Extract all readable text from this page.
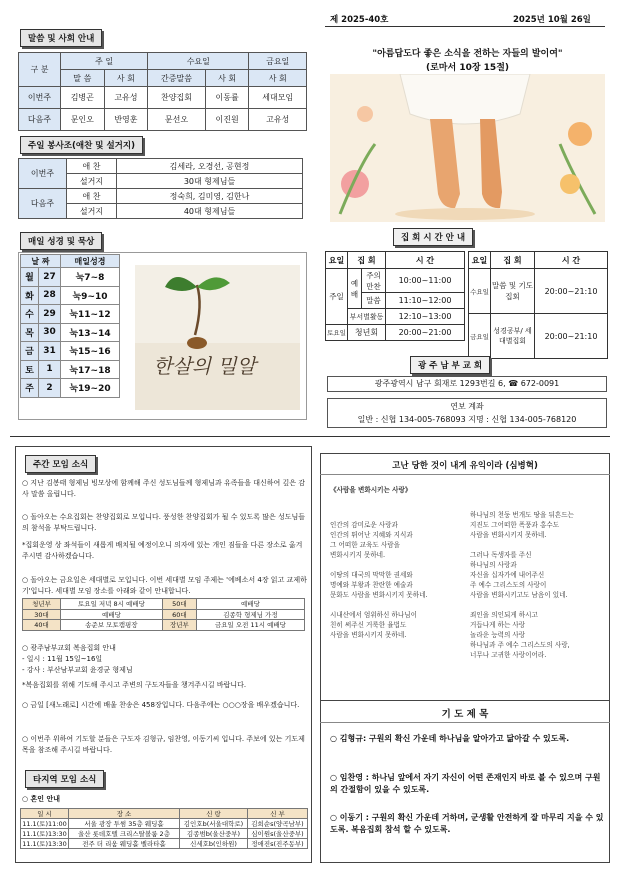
제 2025-40호	2025년 10월 26일
말씀 및 사회 안내
구 분	주 일		수요일		금요일
	말 씀	사 회	간증말씀	사 회	사 회
이번주	김병곤	고유성	찬양집회	이동률	세대모임
다음주	문인오	반영훈	문선오	이진원	고유성
주일 봉사조(애찬 및 설거지)
이번주	애 찬	김세라, 오경선, 공현정
	설거지	30대 형제님들
다음주	애 찬	정숙희, 김미영, 김한나
	설거지	40대 형제님들
매일 성경 및 묵상
날 짜		매일성경
월	27	눅7~8
화	28	눅9~10
수	29	눅11~12
목	30	눅13~14
금	31	눅15~16
토	1	눅17~18
주	2	눅19~20
한살의 밀알
"아름답도다 좋은 소식을 전하는 자들의 발이여"
(로마서 10장 15절)
집 회 시 간 안 내
요일	집 회		시 간
주일	예배	주의 만찬	10:00~11:00
		말씀	11:10~12:00
	부서별활동		12:10~13:00
토요일	청년회		20:00~21:00
요일	집 회	시 간
수요일	말씀 및 기도집회	20:00~21:10
금요일	성경공부/ 세대별집회	20:00~21:10
광 주 남 부 교 회
광주광역시 남구 회재로 1293번길 6, ☎ 672-0091
연보 계좌
일반 : 신협 134-005-768093 지명 : 신협 134-005-768120
주간 모임 소식
○ 지난 김봉태 형제님 빙모상에 함께해 주신 성도님들께 형제님과 유족들을 대신하여 깊은 감사 말씀 올립니다.
○ 돌아오는 수요집회는 찬양집회로 모입니다. 풍성한 찬양집회가 될 수 있도록 많은 성도님들의 참석을 부탁드립니다.
*집회운영 상 좌석들이 새롭게 배치될 예정이오니 의자에 있는 개인 짐들을 다른 장소로 옮겨주시면 감사하겠습니다.
○ 돌아오는 금요일은 세대별로 모입니다. 이번 세대별 모임 주제는 '에베소서 4장 읽고 교제하기'입니다. 세대별 모임 장소를 아래와 같이 안내합니다.
청년부	토요일 저녁 8시 예배당	50대	예배당
30대	예배당	60대	김종학 형제님 가정
40대	송준보 모토캠핑장	장년부	금요일 오전 11시 예배당
○ 광주남부교회 복음집회 안내
- 일시 : 11월 15일~16일
- 강사 : 부산남부교회 윤경균 형제님
*복음집회를 위해 기도해 주시고 주변의 구도자들을 챙겨주시길 바랍니다.
○ 금일 [새노래로] 시간에 배울 찬송은 458장입니다. 다음주에는 ○○○장을 배우겠습니다.
○ 이번주 위하여 기도할 분들은 구도자 김형규, 임찬영, 이동기씨 입니다. 주보에 있는 기도제목을 참조해 주시길 바랍니다.
타지역 모임 소식
○ 혼인 안내
일 시	장 소	신 랑	신 부
11.1(토)11:00	서울 광장 투썸 35층 웨딩홀	김인호b(서울대학로)	김희순s(양곡남부)
11.1(토)13:30	울산 롯데호텔 크리스탈볼룸 2층	김종범b(울산중부)	심이원s(울산중부)
11.1(토)13:30	전주 더 리움 웨딩홀 벨라타홀	신세호b(인하원)	정애진s(진주동부)
고난 당한 것이 내게 유익이라 (심병혁)
《사람을 변화시키는 사랑》
인간의 감미로운 사랑과
인간의 뛰어난 지혜와 지식과
그 어떠한 교육도 사람을
변화시키지 못하네.

이땅의 대국의 막막한 권세와
명예와 부왕과 찬란한 예술과
문화도 사람을 변화시키지 못하네.

시내산에서 엄위하신 하나님이
친히 써주신 거룩한 율법도
사람을 변화시키지 못하네.
하나님의 천둥 번개도 땅을 뒤흔드는
지진도 그어떠한 폭풍과 홍수도
사람을 변화시키지 못하네.

그러나 독생자를 주신
하나님의 사랑과
자신을 십자가에 내어주신
주 예수 그리스도의 사랑이
사람을 변화시키고도 남음이 있네.

죄인을 의인되게 하시고
거듭나게 하는 사랑
놀라운 능력의 사랑
하나님과 주 예수 그리스도의 사랑,
너무나 고귀한 사랑이어라.
기 도 제 목
○ 김형규: 구원의 확신 가운데 하나님을 알아가고 닮아갈 수 있도록.
○ 임찬영 : 하나님 앞에서 자기 자신이 어떤 존재인지 바로 볼 수 있으며 구원의 간절함이 있을 수 있도록.
○ 이동기 : 구원의 확신 가운데 거하며, 군생활 안전하게 잘 마무리 지을 수 있도록. 복음집회 참석 할 수 있도록.
